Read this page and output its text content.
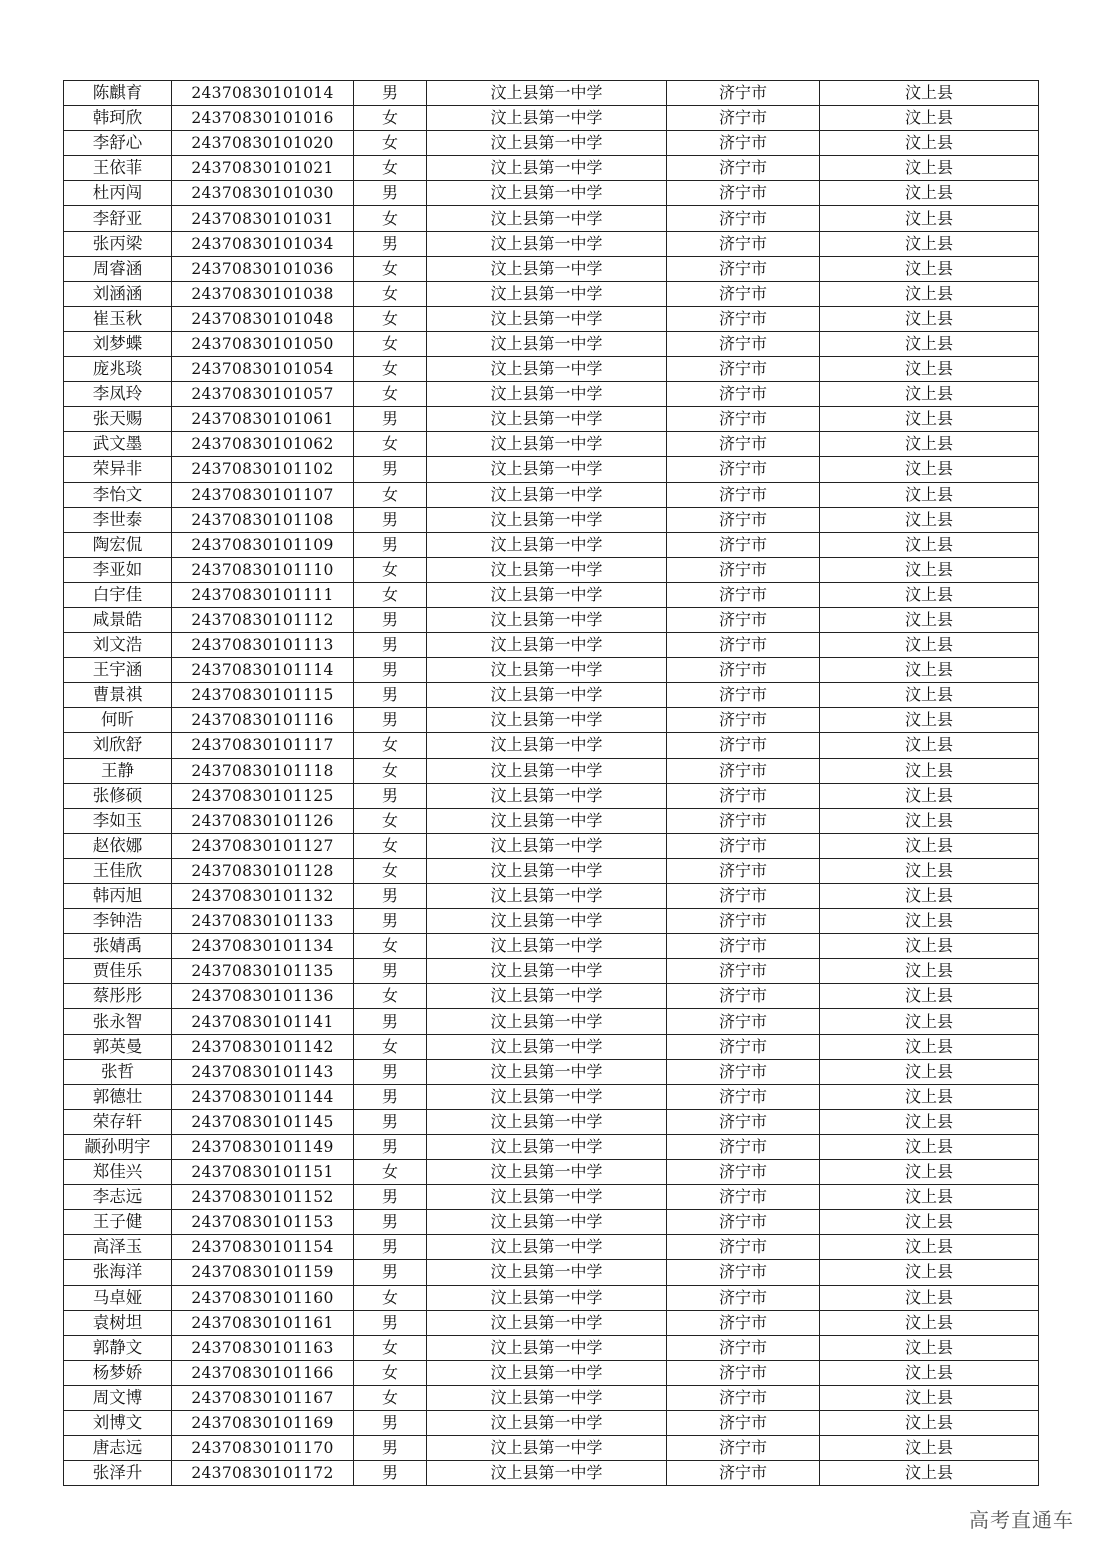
陈麒育	24370830101014	男	汶上县第一中学	济宁市	汶上县
韩珂欣	24370830101016	女	汶上县第一中学	济宁市	汶上县
李舒心	24370830101020	女	汶上县第一中学	济宁市	汶上县
王依菲	24370830101021	女	汶上县第一中学	济宁市	汶上县
杜丙闯	24370830101030	男	汶上县第一中学	济宁市	汶上县
李舒亚	24370830101031	女	汶上县第一中学	济宁市	汶上县
张丙梁	24370830101034	男	汶上县第一中学	济宁市	汶上县
周睿涵	24370830101036	女	汶上县第一中学	济宁市	汶上县
刘涵涵	24370830101038	女	汶上县第一中学	济宁市	汶上县
崔玉秋	24370830101048	女	汶上县第一中学	济宁市	汶上县
刘梦蝶	24370830101050	女	汶上县第一中学	济宁市	汶上县
庞兆琰	24370830101054	女	汶上县第一中学	济宁市	汶上县
李凤玲	24370830101057	女	汶上县第一中学	济宁市	汶上县
张天赐	24370830101061	男	汶上县第一中学	济宁市	汶上县
武文墨	24370830101062	女	汶上县第一中学	济宁市	汶上县
荣异非	24370830101102	男	汶上县第一中学	济宁市	汶上县
李怡文	24370830101107	女	汶上县第一中学	济宁市	汶上县
李世泰	24370830101108	男	汶上县第一中学	济宁市	汶上县
陶宏侃	24370830101109	男	汶上县第一中学	济宁市	汶上县
李亚如	24370830101110	女	汶上县第一中学	济宁市	汶上县
白宇佳	24370830101111	女	汶上县第一中学	济宁市	汶上县
咸景皓	24370830101112	男	汶上县第一中学	济宁市	汶上县
刘文浩	24370830101113	男	汶上县第一中学	济宁市	汶上县
王宇涵	24370830101114	男	汶上县第一中学	济宁市	汶上县
曹景祺	24370830101115	男	汶上县第一中学	济宁市	汶上县
何昕	24370830101116	男	汶上县第一中学	济宁市	汶上县
刘欣舒	24370830101117	女	汶上县第一中学	济宁市	汶上县
王静	24370830101118	女	汶上县第一中学	济宁市	汶上县
张修硕	24370830101125	男	汶上县第一中学	济宁市	汶上县
李如玉	24370830101126	女	汶上县第一中学	济宁市	汶上县
赵依娜	24370830101127	女	汶上县第一中学	济宁市	汶上县
王佳欣	24370830101128	女	汶上县第一中学	济宁市	汶上县
韩丙旭	24370830101132	男	汶上县第一中学	济宁市	汶上县
李钟浩	24370830101133	男	汶上县第一中学	济宁市	汶上县
张婧禹	24370830101134	女	汶上县第一中学	济宁市	汶上县
贾佳乐	24370830101135	男	汶上县第一中学	济宁市	汶上县
蔡彤彤	24370830101136	女	汶上县第一中学	济宁市	汶上县
张永智	24370830101141	男	汶上县第一中学	济宁市	汶上县
郭英曼	24370830101142	女	汶上县第一中学	济宁市	汶上县
张哲	24370830101143	男	汶上县第一中学	济宁市	汶上县
郭德壮	24370830101144	男	汶上县第一中学	济宁市	汶上县
荣存轩	24370830101145	男	汶上县第一中学	济宁市	汶上县
颛孙明宇	24370830101149	男	汶上县第一中学	济宁市	汶上县
郑佳兴	24370830101151	女	汶上县第一中学	济宁市	汶上县
李志远	24370830101152	男	汶上县第一中学	济宁市	汶上县
王子健	24370830101153	男	汶上县第一中学	济宁市	汶上县
高泽玉	24370830101154	男	汶上县第一中学	济宁市	汶上县
张海洋	24370830101159	男	汶上县第一中学	济宁市	汶上县
马卓娅	24370830101160	女	汶上县第一中学	济宁市	汶上县
袁树坦	24370830101161	男	汶上县第一中学	济宁市	汶上县
郭静文	24370830101163	女	汶上县第一中学	济宁市	汶上县
杨梦娇	24370830101166	女	汶上县第一中学	济宁市	汶上县
周文博	24370830101167	女	汶上县第一中学	济宁市	汶上县
刘博文	24370830101169	男	汶上县第一中学	济宁市	汶上县
唐志远	24370830101170	男	汶上县第一中学	济宁市	汶上县
张泽升	24370830101172	男	汶上县第一中学	济宁市	汶上县
高考直通车
